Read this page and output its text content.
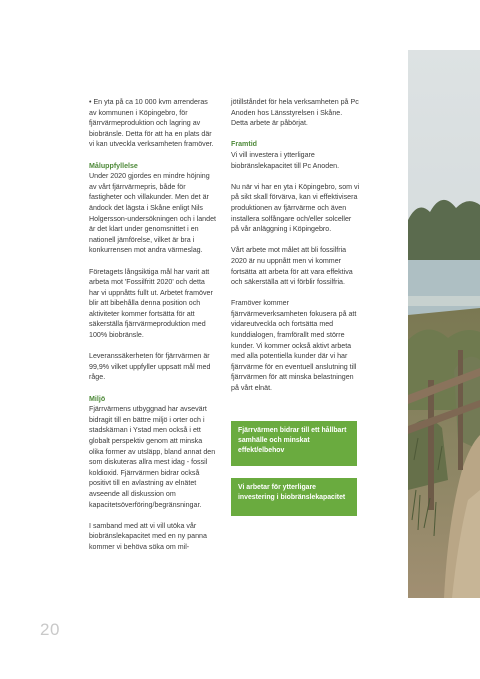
• En yta på ca 10 000 kvm arrenderas av kommunen i Köpingebro, för fjärrvärmeproduktion och lagring av biobränsle. Detta för att ha en plats där vi kan utveckla verksamheten framöver.

Måluppfyllelse

Under 2020 gjordes en mindre höjning av vårt fjärrvärmepris, både för fastigheter och villakunder. Men det är ändock det lägsta i Skåne enligt Nils Holgersson-undersökningen och i landet är det klart under genomsnittet i en nationell jämförelse, vilket är bra i konkurrensen mot andra värmeslag.

Företagets långsiktiga mål har varit att arbeta mot 'Fossilfritt 2020' och detta har vi uppnåtts fullt ut. Arbetet framöver blir att bibehålla denna position och aktiviteter kommer fortsätta för att säkerställa fjärrvärmeproduktion med 100% biobränsle.

Leveranssäkerheten för fjärrvärmen är 99,9% vilket uppfyller uppsatt mål med råge.

Miljö

Fjärrvärmens utbyggnad har avsevärt bidragit till en bättre miljö i orter och i stadskärnan i Ystad men också i ett globalt perspektiv genom att minska olika former av utsläpp, bland annat den som diskuteras allra mest idag - fossil koldioxid. Fjärrvärmen bidrar också positivt till en avlastning av elnätet avseende all diskussion om kapacitetsöverföring/begränsningar.

I samband med att vi vill utöka vår biobränslekapacitet med en ny panna kommer vi behöva söka om mil-

jötillståndet för hela verksamheten på Pc Anoden hos Länsstyrelsen i Skåne. Detta arbete är påbörjat.

Framtid

Vi vill investera i ytterligare biobränslekapacitet till Pc Anoden.

Nu när vi har en yta i Köpingebro, som vi på sikt skall förvärva, kan vi effektivisera produktionen av fjärrvärme och även installera solfångare och/eller solceller på vår anläggning i Köpingebro.

Vårt arbete mot målet att bli fossilfria 2020 är nu uppnått men vi kommer fortsätta att arbeta för att vara effektiva och säkerställa att vi förblir fossilfria.

Framöver kommer fjärrvärmeverksamheten fokusera på att vidareutveckla och fortsätta med kunddialogen, framförallt med större kunder. Vi kommer också aktivt arbeta med alla potentiella kunder där vi har fjärrvärme för en eventuell anslutning till fjärrvärmen för att minska belastningen på vårt elnät.

Fjärrvärmen bidrar till ett hållbart samhälle och minskat effekt/elbehov
Vi arbetar för ytterligare investering i biobränslekapacitet
20
